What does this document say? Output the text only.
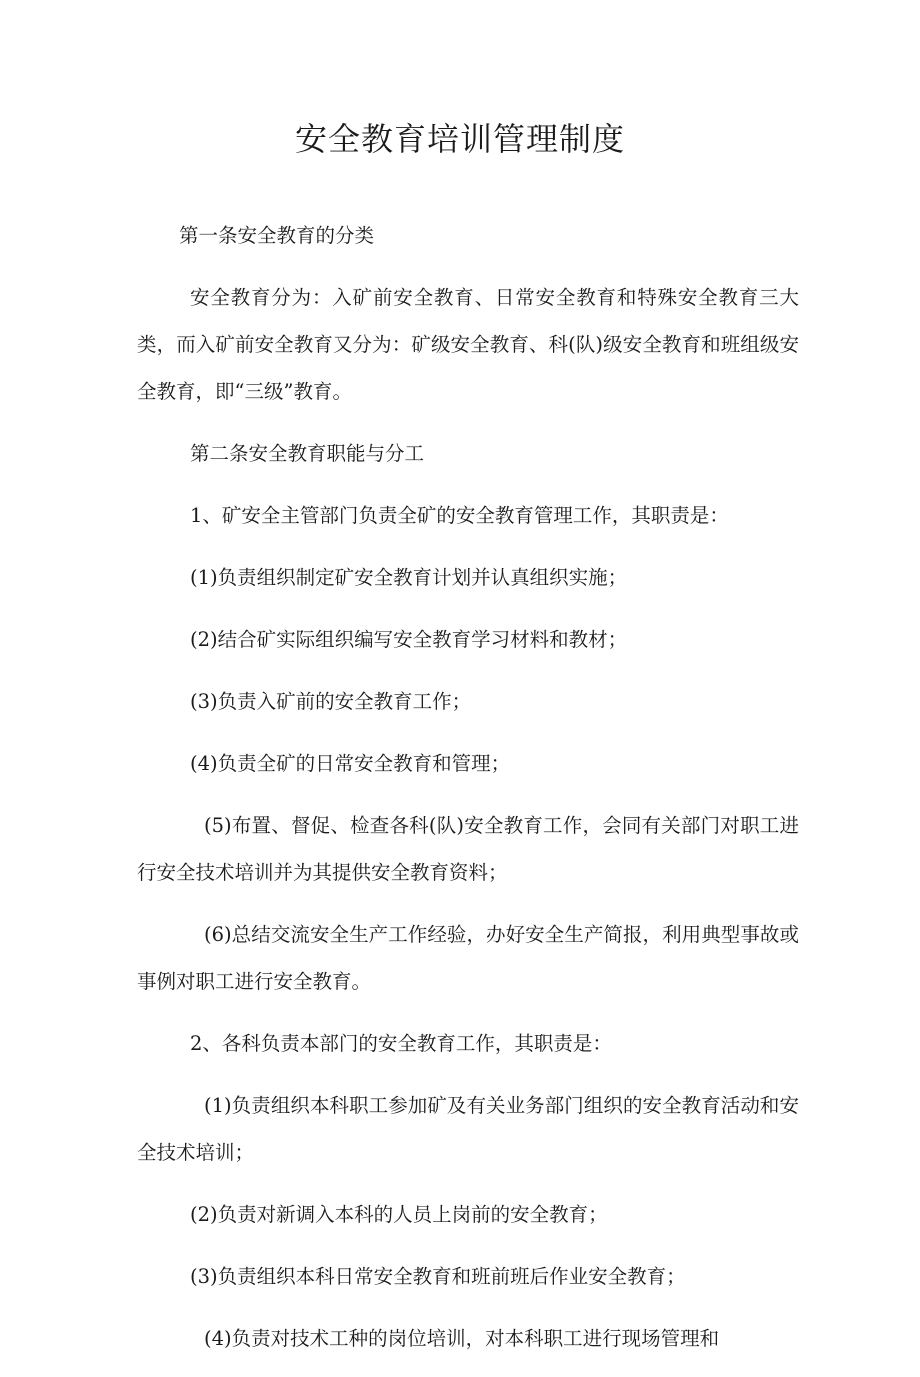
安全教育培训管理制度

第一条安全教育的分类

安全教育分为：入矿前安全教育、日常安全教育和特殊安全教育三大类，而入矿前安全教育又分为：矿级安全教育、科(队)级安全教育和班组级安全教育，即“三级”教育。

第二条安全教育职能与分工

1、矿安全主管部门负责全矿的安全教育管理工作，其职责是：

(1)负责组织制定矿安全教育计划并认真组织实施；

(2)结合矿实际组织编写安全教育学习材料和教材；

(3)负责入矿前的安全教育工作；

(4)负责全矿的日常安全教育和管理；

(5)布置、督促、检查各科(队)安全教育工作，会同有关部门对职工进行安全技术培训并为其提供安全教育资料；

(6)总结交流安全生产工作经验，办好安全生产简报，利用典型事故或事例对职工进行安全教育。

2、各科负责本部门的安全教育工作，其职责是：

(1)负责组织本科职工参加矿及有关业务部门组织的安全教育活动和安全技术培训；

(2)负责对新调入本科的人员上岗前的安全教育；

(3)负责组织本科日常安全教育和班前班后作业安全教育；

(4)负责对技术工种的岗位培训，对本科职工进行现场管理和
